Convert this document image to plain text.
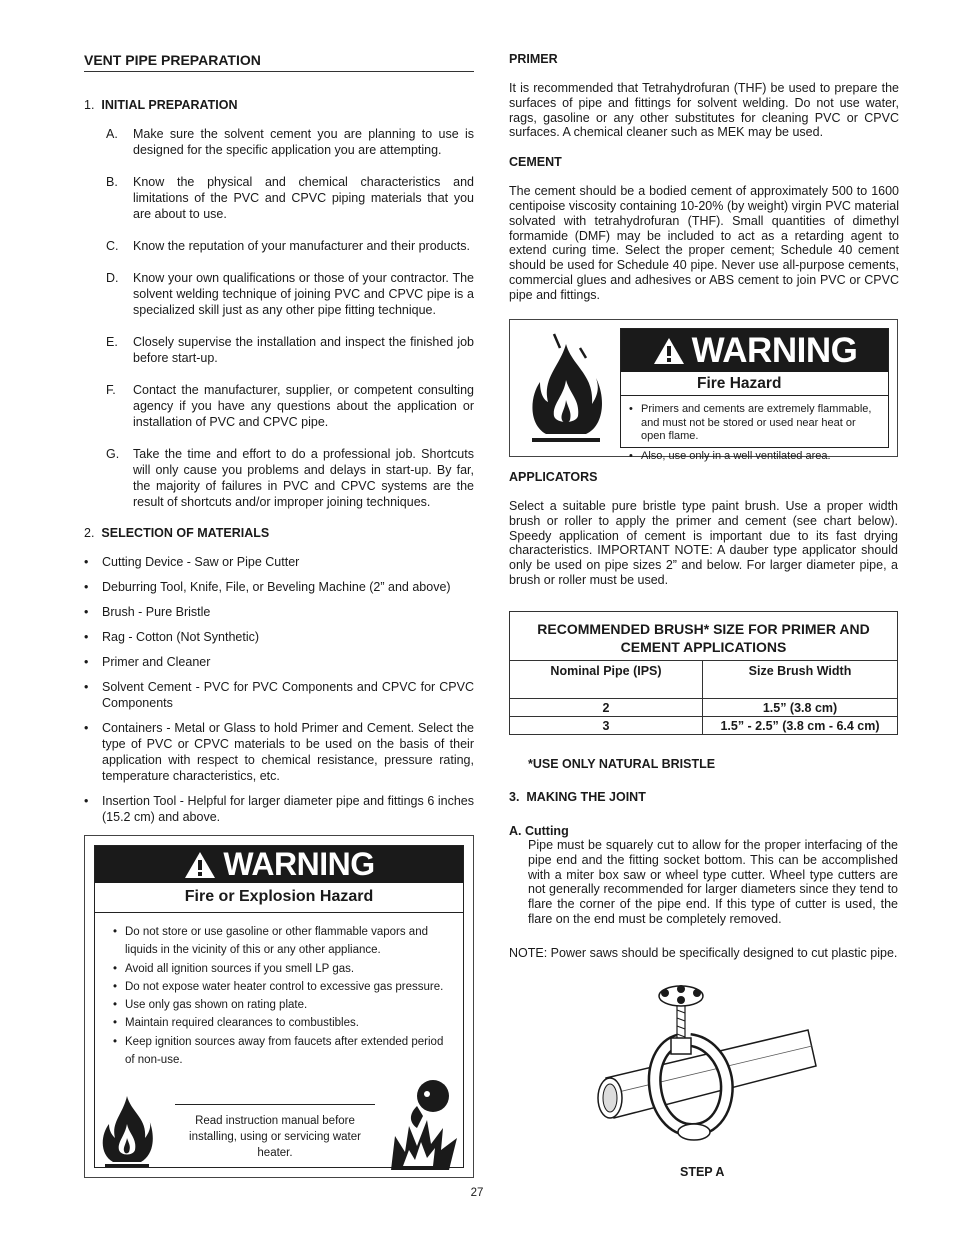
VENT PIPE PREPARATION
1. INITIAL PREPARATION
A.	Make sure the solvent cement you are planning to use is designed for the specific application you are attempting.
B.	Know the physical and chemical characteristics and limitations of the PVC and CPVC piping materials that you are about to use.
C.	Know the reputation of your manufacturer and their products.
D.	Know your own qualifications or those of your contractor. The solvent welding technique of joining PVC and CPVC pipe is a specialized skill just as any other pipe fitting technique.
E.	Closely supervise the installation and inspect the finished job before start-up.
F.	Contact the manufacturer, supplier, or competent consulting agency if you have any questions about the application or installation of PVC and CPVC pipe.
G.	Take the time and effort to do a professional job. Shortcuts will only cause you problems and delays in start-up. By far, the majority of failures in PVC and CPVC systems are the result of shortcuts and/or improper joining techniques.
2. SELECTION OF MATERIALS
•	Cutting Device - Saw or Pipe Cutter
•	Deburring Tool, Knife, File, or Beveling Machine (2” and above)
•	Brush - Pure Bristle
•	Rag - Cotton (Not Synthetic)
•	Primer and Cleaner
•	Solvent Cement - PVC for PVC Components and CPVC for CPVC Components
•	Containers - Metal or Glass to hold Primer and Cement. Select the type of PVC or CPVC materials to be used on the basis of their application with respect to chemical resistance, pressure rating, temperature characteristics, etc.
•	Insertion Tool - Helpful for larger diameter pipe and fittings 6 inches (15.2 cm) and above.
WARNING
Fire or Explosion Hazard
• Do not store or use gasoline or other flammable vapors and liquids in the vicinity of this or any other appliance.
• Avoid all ignition sources if you smell LP gas.
• Do not expose water heater control to excessive gas pressure.
• Use only gas shown on rating plate.
• Maintain required clearances to combustibles.
• Keep ignition sources away from faucets after extended period of non-use.
Read instruction manual before installing, using or servicing water heater.
PRIMER
It is recommended that Tetrahydrofuran (THF) be used to prepare the surfaces of pipe and fittings for solvent welding. Do not use water, rags, gasoline or any other substitutes for cleaning PVC or CPVC surfaces. A chemical cleaner such as MEK may be used.
CEMENT
The cement should be a bodied cement of approximately 500 to 1600 centipoise viscosity containing 10-20% (by weight) virgin PVC material solvated with tetrahydrofuran (THF). Small quantities of dimethyl formamide (DMF) may be included to act as a retarding agent to extend curing time. Select the proper cement; Schedule 40 cement should be used for Schedule 40 pipe. Never use all-purpose cements, commercial glues and adhesives or ABS cement to join PVC or CPVC pipe and fittings.
WARNING
Fire Hazard
• Primers and cements are extremely flammable, and must not be stored or used near heat or open flame.
• Also, use only in a well ventilated area.
APPLICATORS
Select a suitable pure bristle type paint brush. Use a proper width brush or roller to apply the primer and cement (see chart below). Speedy application of cement is important due to its fast drying characteristics. IMPORTANT NOTE: A dauber type applicator should only be used on pipe sizes 2” and below. For larger diameter pipe, a brush or roller must be used.
RECOMMENDED BRUSH* SIZE FOR PRIMER AND CEMENT APPLICATIONS	
Nominal Pipe (IPS)	Size Brush Width
2	1.5” (3.8 cm)
3	1.5” - 2.5” (3.8 cm - 6.4 cm)
*USE ONLY NATURAL BRISTLE
3. MAKING THE JOINT
A. Cutting
Pipe must be squarely cut to allow for the proper interfacing of the pipe end and the fitting socket bottom. This can be accomplished with a miter box saw or wheel type cutter. Wheel type cutters are not generally recommended for larger diameters since they tend to flare the corner of the pipe end. If this type of cutter is used, the flare on the end must be completely removed.
NOTE: Power saws should be specifically designed to cut plastic pipe.
STEP A
27
